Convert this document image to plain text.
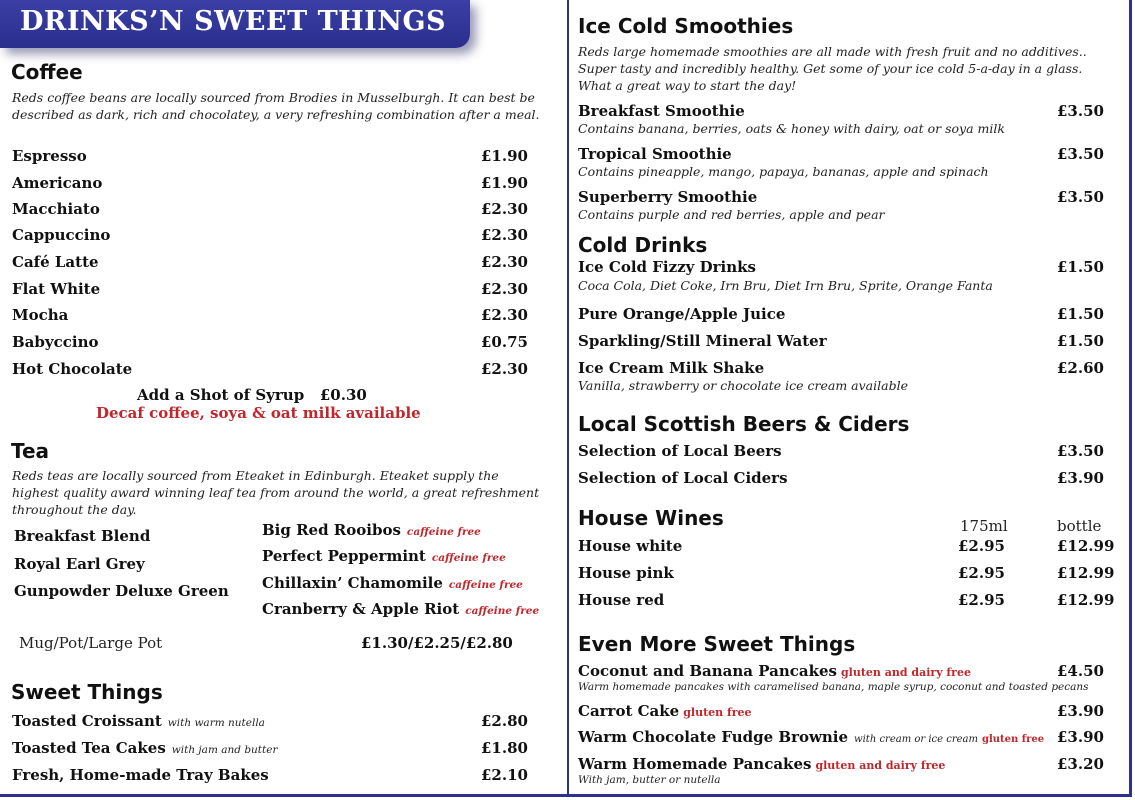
DRINKS’N SWEET THINGS
Coffee
Reds coffee beans are locally sourced from Brodies in Musselburgh. It can best be described as dark, rich and chocolatey, a very refreshing combination after a meal.
Espresso	£1.90
Americano	£1.90
Macchiato	£2.30
Cappuccino	£2.30
Café Latte	£2.30
Flat White	£2.30
Mocha	£2.30
Babyccino	£0.75
Hot Chocolate	£2.30
Add a Shot of Syrup   £0.30
Decaf coffee, soya & oat milk available
Tea
Reds teas are locally sourced from Eteaket in Edinburgh. Eteaket supply the highest quality award winning leaf tea from around the world, a great refreshment throughout the day.
Breakfast Blend
Royal Earl Grey
Gunpowder Deluxe Green
Big Red Rooibos caffeine free
Perfect Peppermint caffeine free
Chillaxin’ Chamomile caffeine free
Cranberry & Apple Riot caffeine free
Mug/Pot/Large Pot	£1.30/£2.25/£2.80
Sweet Things
Toasted Croissant with warm nutella	£2.80
Toasted Tea Cakes with jam and butter	£1.80
Fresh, Home-made Tray Bakes	£2.10
Ice Cold Smoothies
Reds large homemade smoothies are all made with fresh fruit and no additives..
Super tasty and incredibly healthy. Get some of your ice cold 5-a-day in a glass.
What a great way to start the day!
Breakfast Smoothie	£3.50
Contains banana, berries, oats & honey with dairy, oat or soya milk
Tropical Smoothie	£3.50
Contains pineapple, mango, papaya, bananas, apple and spinach
Superberry Smoothie	£3.50
Contains purple and red berries, apple and pear
Cold Drinks
Ice Cold Fizzy Drinks	£1.50
Coca Cola, Diet Coke, Irn Bru, Diet Irn Bru, Sprite, Orange Fanta
Pure Orange/Apple Juice	£1.50
Sparkling/Still Mineral Water	£1.50
Ice Cream Milk Shake	£2.60
Vanilla, strawberry or chocolate ice cream available
Local Scottish Beers & Ciders
Selection of Local Beers	£3.50
Selection of Local Ciders	£3.90
House Wines	175ml	bottle
House white	£2.95	£12.99
House pink	£2.95	£12.99
House red	£2.95	£12.99
Even More Sweet Things
Coconut and Banana Pancakes gluten and dairy free	£4.50
Warm homemade pancakes with caramelised banana, maple syrup, coconut and toasted pecans
Carrot Cake gluten free	£3.90
Warm Chocolate Fudge Brownie with cream or ice cream gluten free £3.90
Warm Homemade Pancakes gluten and dairy free	£3.20
With jam, butter or nutella
